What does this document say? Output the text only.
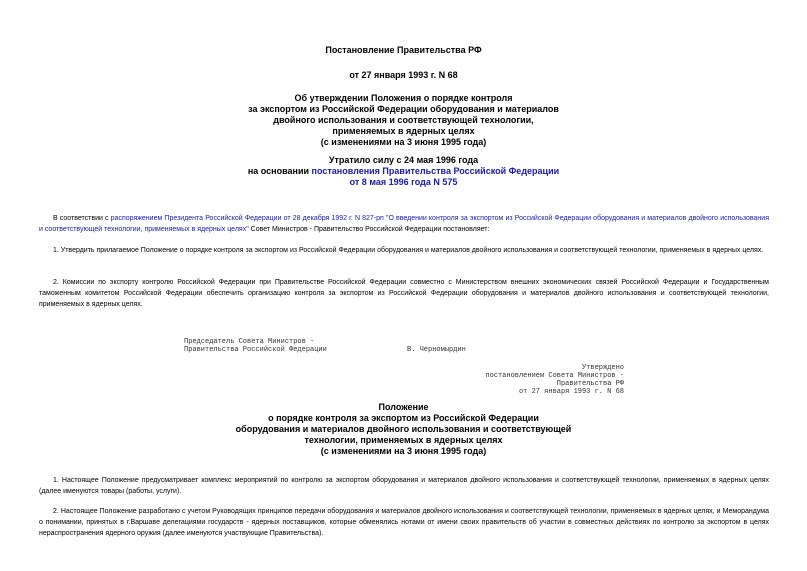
Постановление Правительства РФ
от 27 января 1993 г. N 68
Об утверждении Положения о порядке контроля
за экспортом из Российской Федерации оборудования и материалов
двойного использования и соответствующей технологии,
применяемых в ядерных целях
(с изменениями на 3 июня 1995 года)
Утратило силу с 24 мая 1996 года
на основании постановления Правительства Российской Федерации
от 8 мая 1996 года N 575
В соответствии с распоряжением Президента Российской Федерации от 28 декабря 1992 г. N 827-рп "О введении контроля за экспортом из Российской Федерации оборудования и материалов двойного использования и соответствующей технологии, применяемых в ядерных целях" Совет Министров - Правительство Российской Федерации постановляет:
1. Утвердить прилагаемое Положение о порядке контроля за экспортом из Российской Федерации оборудования и материалов двойного использования и соответствующей технологии, применяемых в ядерных целях.
2. Комиссии по экспорту контролю Российской Федерации при Правительстве Российской Федерации совместно с Министерством внешних экономических связей Российской Федерации и Государственным таможенным комитетом Российской Федерации обеспечить организацию контроля за экспортом из Российской Федерации оборудования и материалов двойного использования и соответствующей технологии, применяемых в ядерных целях.
Председатель Совета Министров -
Правительства Российской Федерации	В. Черномырдин
Утверждено
постановлением Совета Министров -
Правительства РФ
от 27 января 1993 г. N 68
Положение
о порядке контроля за экспортом из Российской Федерации
оборудования и материалов двойного использования и соответствующей
технологии, применяемых в ядерных целях
(с изменениями на 3 июня 1995 года)
1. Настоящее Положение предусматривает комплекс мероприятий по контролю за экспортом оборудования и материалов двойного использования и соответствующей технологии, применяемых в ядерных целях (далее именуются товары (работы, услуги).
2. Настоящее Положение разработано с учетом Руководящих принципов передачи оборудования и материалов двойного использования и соответствующей технологии, применяемых в ядерных целях, и Меморандума о понимании, принятых в г.Варшаве делегациями государств - ядерных поставщиков, которые обменялись нотами от имени своих правительств об участии в совместных действиях по контролю за экспортом в целях нераспространения ядерного оружия (далее именуются участвующие Правительства).
